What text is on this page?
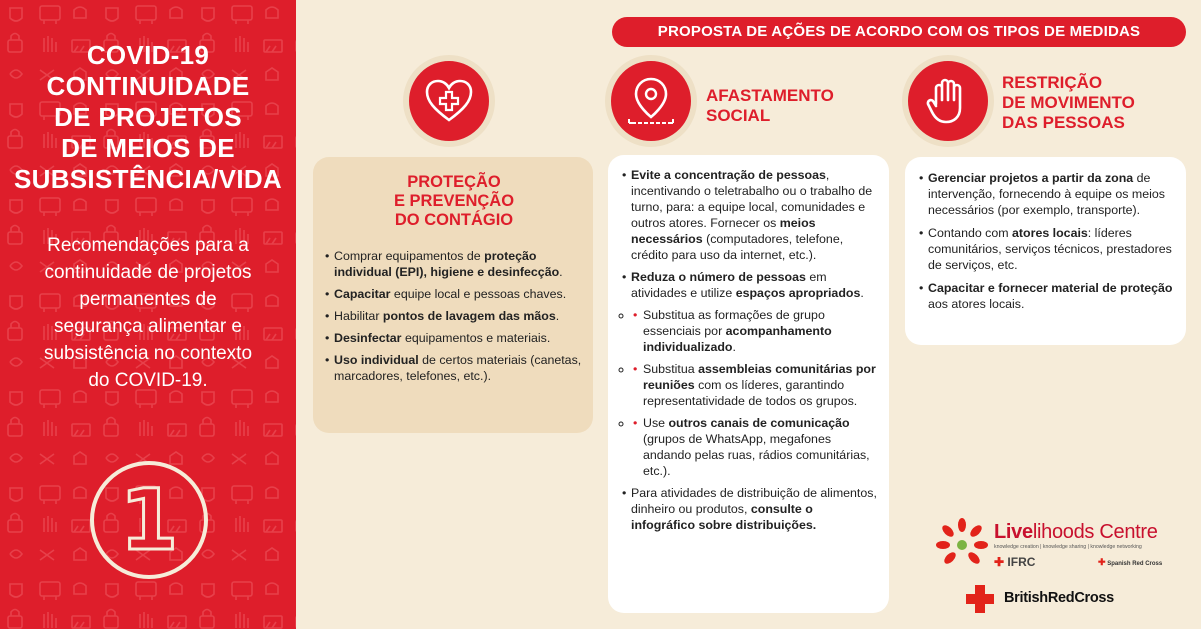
COVID-19
CONTINUIDADE
DE PROJETOS
DE MEIOS DE
SUBSISTÊNCIA/VIDA
Recomendações para a
continuidade de projetos
permanentes de
segurança alimentar e
subsistência no contexto
do COVID-19.
1
PROPOSTA DE AÇÕES DE ACORDO COM OS TIPOS DE MEDIDAS
PROTEÇÃO
E PREVENÇÃO
DO CONTÁGIO
• Comprar equipamentos de proteção individual (EPI), higiene e desinfecção.
• Capacitar equipe local e pessoas chaves.
• Habilitar pontos de lavagem das mãos.
• Desinfectar equipamentos e materiais.
• Uso individual de certos materiais (canetas, marcadores, telefones, etc.).
AFASTAMENTO
SOCIAL
• Evite a concentração de pessoas, incentivando o teletrabalho ou o trabalho de turno, para: a equipe local, comunidades e outros atores. Fornecer os meios necessários (computadores, telefone, crédito para uso da internet, etc.).
• Reduza o número de pessoas em atividades e utilize espaços apropriados.
• ◦ Substitua as formações de grupo essenciais por acompanhamento individualizado.
• ◦ Substitua assembleias comunitárias por reuniões com os líderes, garantindo representatividade de todos os grupos.
• ◦ Use outros canais de comunicação (grupos de WhatsApp, megafones andando pelas ruas, rádios comunitárias, etc.).
• Para atividades de distribuição de alimentos, dinheiro ou produtos, consulte o infográfico sobre distribuições.
RESTRIÇÃO
DE MOVIMENTO
DAS PESSOAS
• Gerenciar projetos a partir da zona de intervenção, fornecendo à equipe os meios necessários (por exemplo, transporte).
• Contando com atores locais: líderes comunitários, serviços técnicos, prestadores de serviços, etc.
• Capacitar e fornecer material de proteção aos atores locais.
Livelihoods Centre
knowledge creation | knowledge sharing | knowledge networking
✚ IFRC	✚ Spanish Red Cross
BritishRedCross
